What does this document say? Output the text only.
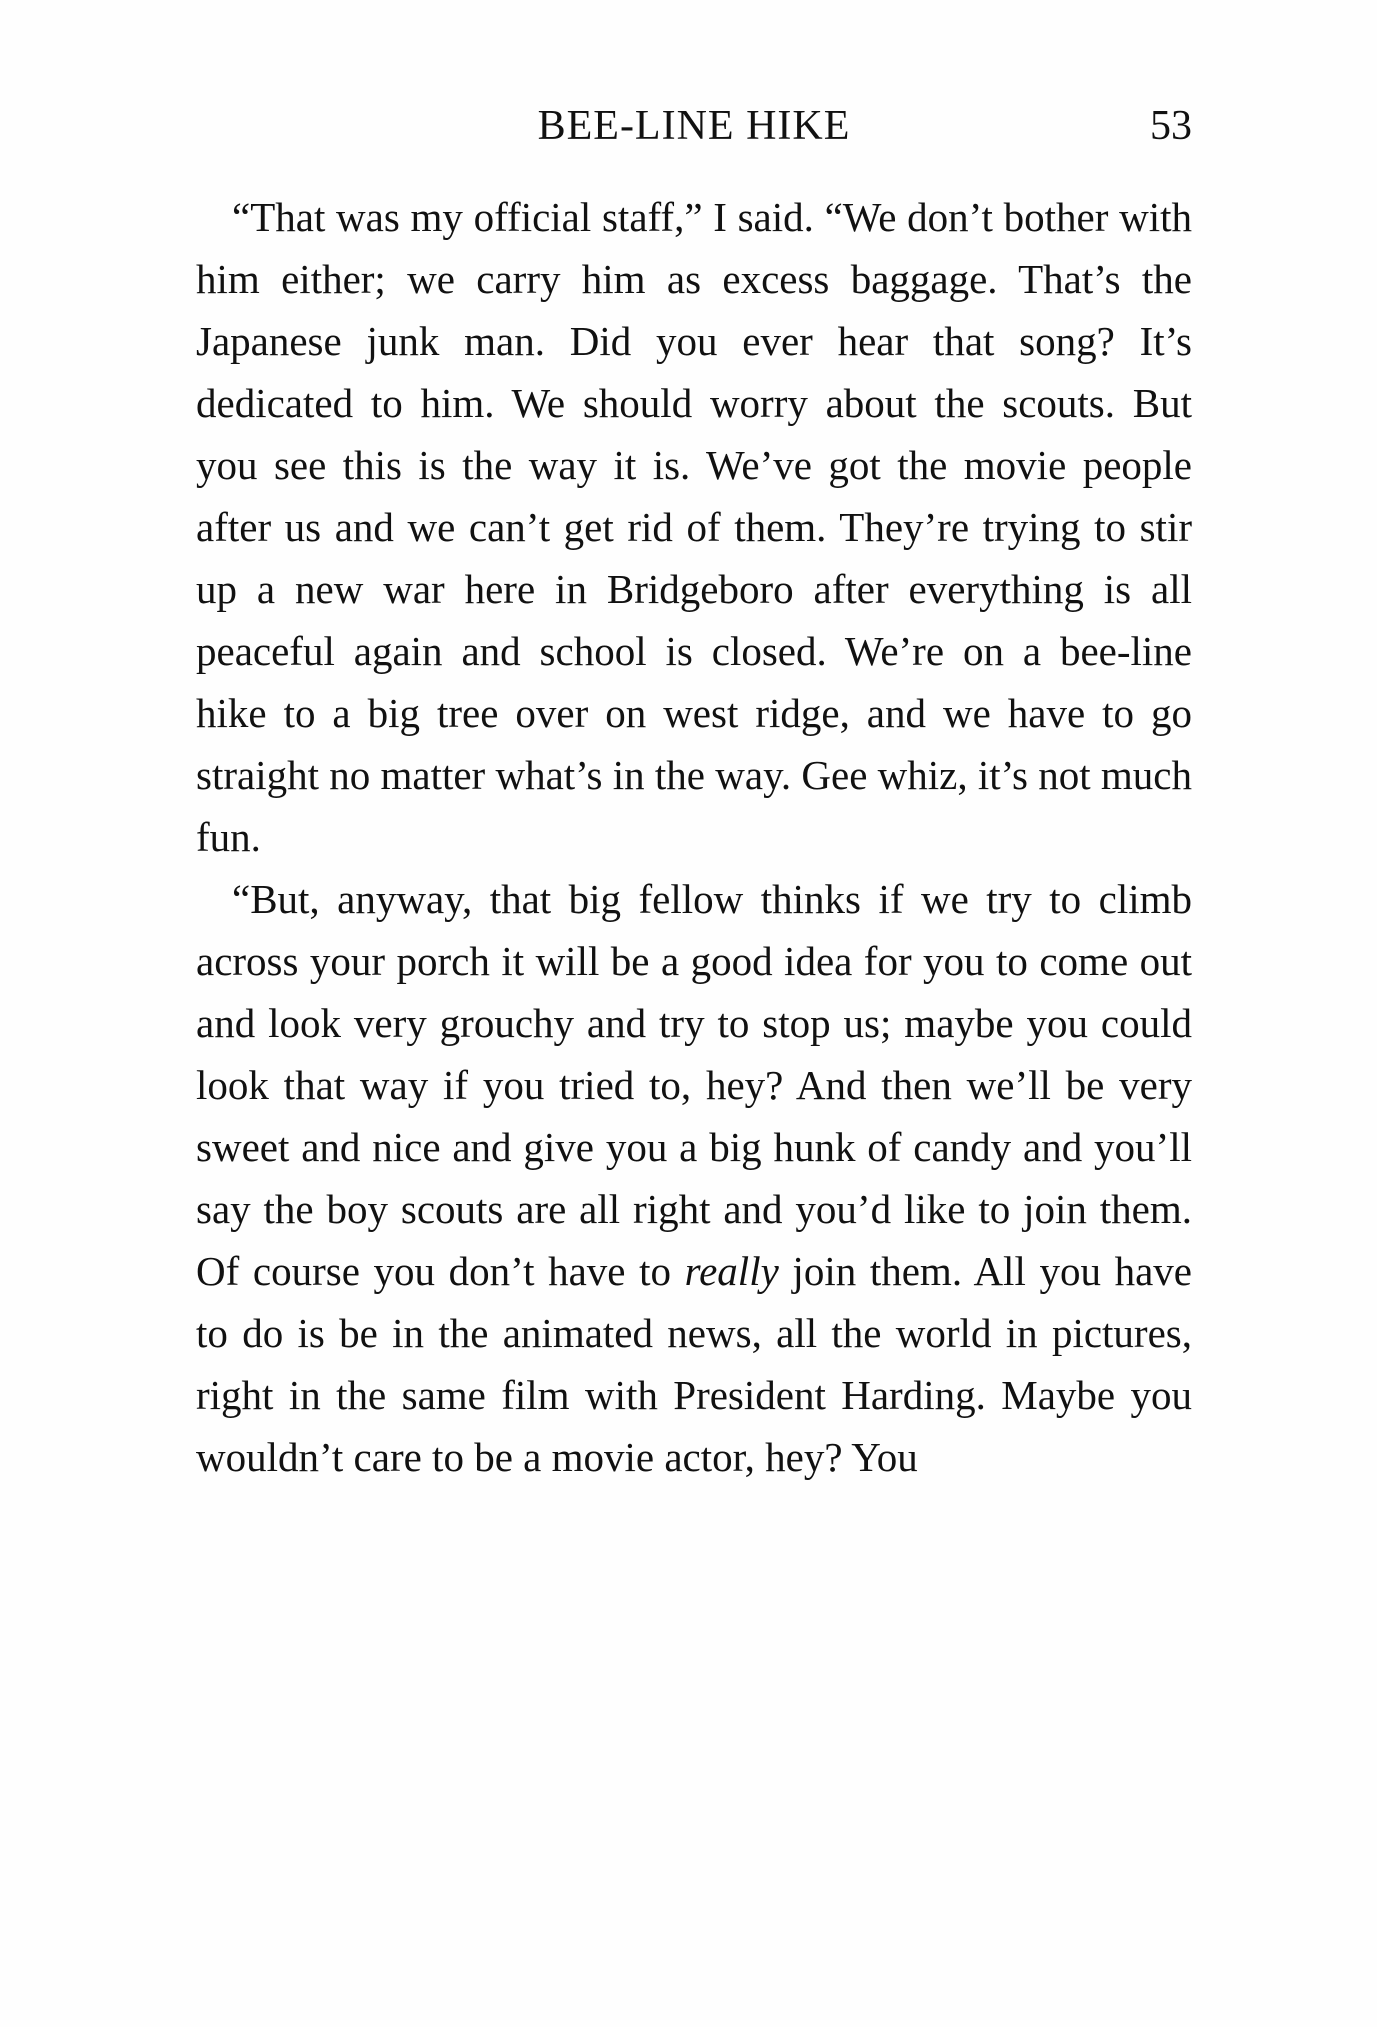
BEE-LINE HIKE	53

“That was my official staff,” I said. “We don’t bother with him either; we carry him as excess baggage. That’s the Japanese junk man. Did you ever hear that song? It’s dedicated to him. We should worry about the scouts. But you see this is the way it is. We’ve got the movie people after us and we can’t get rid of them. They’re trying to stir up a new war here in Bridgeboro after everything is all peaceful again and school is closed. We’re on a bee-line hike to a big tree over on west ridge, and we have to go straight no matter what’s in the way. Gee whiz, it’s not much fun.

“But, anyway, that big fellow thinks if we try to climb across your porch it will be a good idea for you to come out and look very grouchy and try to stop us; maybe you could look that way if you tried to, hey? And then we’ll be very sweet and nice and give you a big hunk of candy and you’ll say the boy scouts are all right and you’d like to join them. Of course you don’t have to really join them. All you have to do is be in the animated news, all the world in pictures, right in the same film with President Harding. Maybe you wouldn’t care to be a movie actor, hey? You
